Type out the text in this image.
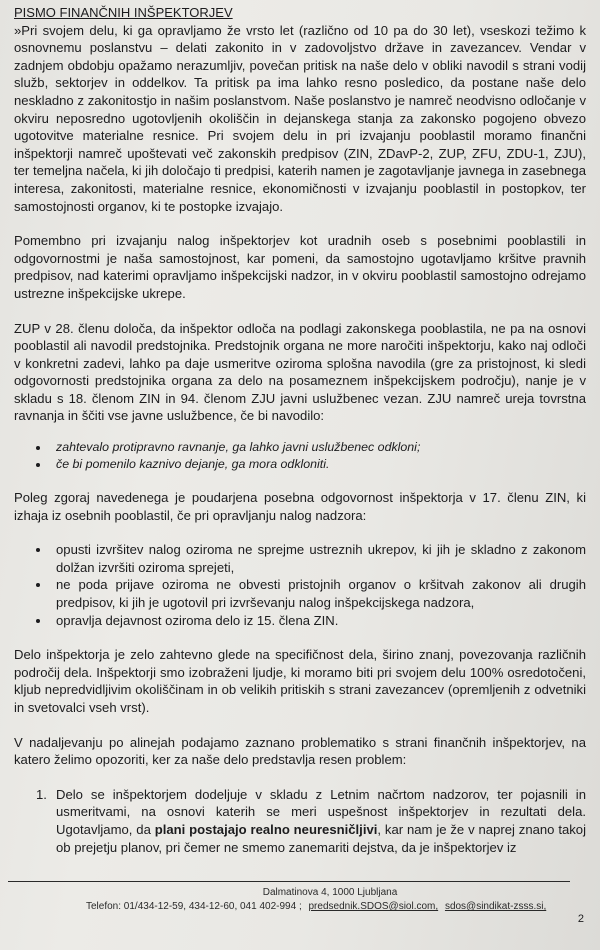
PISMO FINANČNIH INŠPEKTORJEV

»Pri svojem delu, ki ga opravljamo že vrsto let (različno od 10 pa do 30 let), vseskozi težimo k osnovnemu poslanstvu – delati zakonito in v zadovoljstvo države in zavezancev. Vendar v zadnjem obdobju opažamo nerazumljiv, povečan pritisk na naše delo v obliki navodil s strani vodij služb, sektorjev in oddelkov. Ta pritisk pa ima lahko resno posledico, da postane naše delo neskladno z zakonitostjo in našim poslanstvom. Naše poslanstvo je namreč neodvisno odločanje v okviru neposredno ugotovljenih okoliščin in dejanskega stanja za zakonsko pogojeno obvezo ugotovitve materialne resnice. Pri svojem delu in pri izvajanju pooblastil moramo finančni inšpektorji namreč upoštevati več zakonskih predpisov (ZIN, ZDavP-2, ZUP, ZFU, ZDU-1, ZJU), ter temeljna načela, ki jih določajo ti predpisi, katerih namen je zagotavljanje javnega in zasebnega interesa, zakonitosti, materialne resnice, ekonomičnosti v izvajanju pooblastil in postopkov, ter samostojnosti organov, ki te postopke izvajajo.

Pomembno pri izvajanju nalog inšpektorjev kot uradnih oseb s posebnimi pooblastili in odgovornostmi je naša samostojnost, kar pomeni, da samostojno ugotavljamo kršitve pravnih predpisov, nad katerimi opravljamo inšpekcijski nadzor, in v okviru pooblastil samostojno odrejamo ustrezne inšpekcijske ukrepe.

ZUP v 28. členu določa, da inšpektor odloča na podlagi zakonskega pooblastila, ne pa na osnovi pooblastil ali navodil predstojnika. Predstojnik organa ne more naročiti inšpektorju, kako naj odloči v konkretni zadevi, lahko pa daje usmeritve oziroma splošna navodila (gre za pristojnost, ki sledi odgovornosti predstojnika organa za delo na posameznem inšpekcijskem področju), nanje je v skladu s 18. členom ZIN in 94. členom ZJU javni uslužbenec vezan. ZJU namreč ureja tovrstna ravnanja in ščiti vse javne uslužbence, če bi navodilo:

zahtevalo protipravno ravnanje, ga lahko javni uslužbenec odkloni;
če bi pomenilo kaznivo dejanje, ga mora odkloniti.

Poleg zgoraj navedenega je poudarjena posebna odgovornost inšpektorja v 17. členu ZIN, ki izhaja iz osebnih pooblastil, če pri opravljanju nalog nadzora:

opusti izvršitev nalog oziroma ne sprejme ustreznih ukrepov, ki jih je skladno z zakonom dolžan izvršiti oziroma sprejeti,
ne poda prijave oziroma ne obvesti pristojnih organov o kršitvah zakonov ali drugih predpisov, ki jih je ugotovil pri izvrševanju nalog inšpekcijskega nadzora,
opravlja dejavnost oziroma delo iz 15. člena ZIN.

Delo inšpektorja je zelo zahtevno glede na specifičnost dela, širino znanj, povezovanja različnih področij dela. Inšpektorji smo izobraženi ljudje, ki moramo biti pri svojem delu 100% osredotočeni, kljub nepredvidljivim okoliščinam in ob velikih pritiskih s strani zavezancev (opremljenih z odvetniki in svetovalci vseh vrst).

V nadaljevanju po alinejah podajamo zaznano problematiko s strani finančnih inšpektorjev, na katero želimo opozoriti, ker za naše delo predstavlja resen problem:

1. Delo se inšpektorjem dodeljuje v skladu z Letnim načrtom nadzorov, ter pojasnili in usmeritvami, na osnovi katerih se meri uspešnost inšpektorjev in rezultati dela. Ugotavljamo, da plani postajajo realno neuresničljivi, kar nam je že v naprej znano takoj ob prejetju planov, pri čemer ne smemo zanemariti dejstva, da je inšpektorjev iz
Dalmatinova 4, 1000 Ljubljana
Telefon: 01/434-12-59, 434-12-60, 041 402-994 ; predsednik.SDOS@siol.com, sdos@sindikat-zsss.si,
2
